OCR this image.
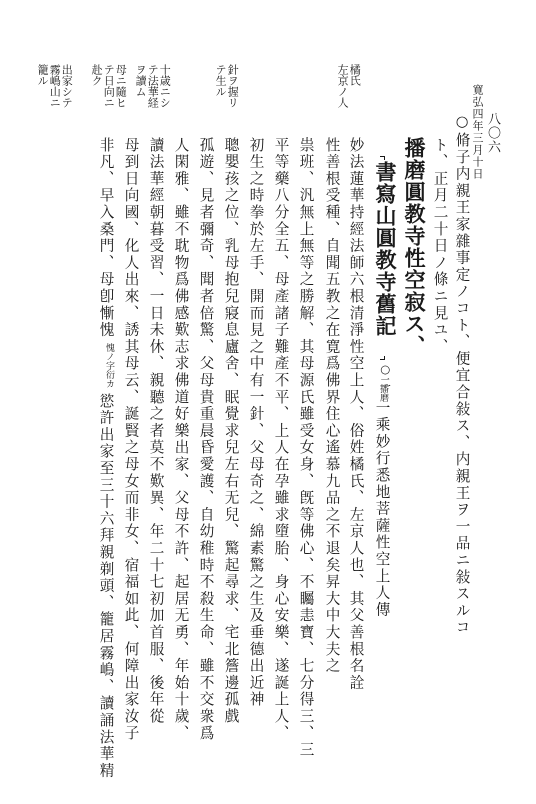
寛弘四年三月十日 八〇六
○脩子内親王家雜事定ノコト、便宜合敍ス、内親王ヲ一品ニ敍スルコ
ト、正月二十日ノ條ニ見ユ、
播磨圓教寺性空寂ス、
書寫山圓教寺舊記
○二
播磨
一乘妙行悉地菩薩性空上人傳
妙法蓮華持經法師六根清淨性空上人、俗姓橘氏、左京人也、其父善根名詮
性善根受種、自聞五教之在寛爲佛界住心遙慕九品之不退矣昇大中大夫之
祟班、汎無上無等之勝解、其母源氏雖受女身、旣等佛心、不矚恚寶、七分得三、三
平等藥八分全五、母產諸子難產不平、上人在孕雖求墮胎、身心安樂、遂誕上人、
初生之時拳於左手、開而見之中有一針、父母奇之、綿素驚之生及垂德出近神
聰嬰孩之位、乳母抱兒寢息廬舍、眠覺求兒左右无兒、驚起尋求、宅北簷邊孤戲
孤遊、見者彌奇、聞者倍驚、父母貴重晨昏愛護、自幼稚時不殺生命、雖不交衆爲
人閑雅、雖不耽物爲佛感歎志求佛道好樂出家、父母不許、起居无勇、年始十歲、
讀法華經朝暮受習、一日未休、親聽之者莫不歎異、年二十七初加首服、後年從
母到日向國、化人出來、誘其母云、誕賢之母女而非女、宿福如此、何障出家汝子
非凡、早入桑門、母卽慚愧
愧ノ字衍カ
慾許出家至三十六拜親剃頭、籠居霧嶋、讀誦法華精
橘氏
左京ノ人
針ヲ握リ
テ生ル
十歳ニシ
テ法華経
ヲ讀ム
母ニ隨ヒ
テ日向ニ
赴ク
出家シテ
霧嶋山ニ
籠ル
